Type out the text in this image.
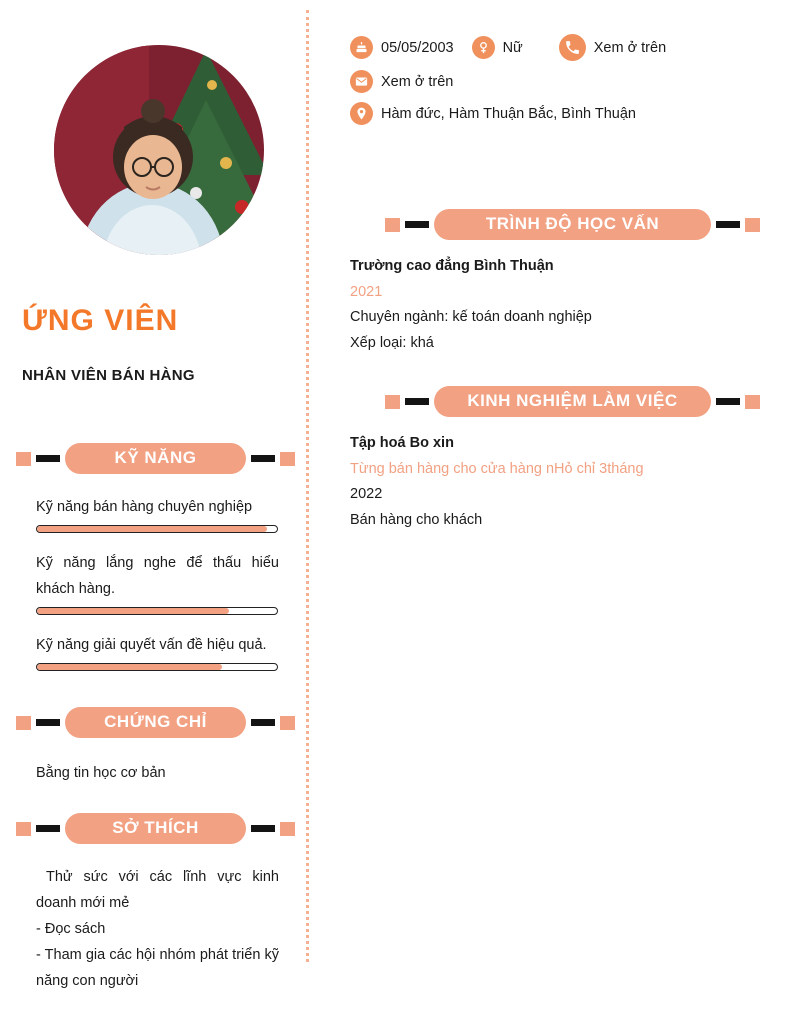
ỨNG VIÊN
NHÂN VIÊN BÁN HÀNG
KỸ NĂNG

Kỹ năng bán hàng chuyên nghiệp

Kỹ năng lắng nghe để thấu hiểu khách hàng.

Kỹ năng giải quyết vấn đề hiệu quả.

CHỨNG CHỈ

Bằng tin học cơ bản

SỞ THÍCH

Thử sức với các lĩnh vực kinh doanh mới mẻ

- Đọc sách

- Tham gia các hội nhóm phát triển kỹ năng con người

05/05/2003	Nữ	Xem ở trên
Xem ở trên
Hàm đức, Hàm Thuận Bắc, Bình Thuận
TRÌNH ĐỘ HỌC VẤN

Trường cao đẳng Bình Thuận

2021

Chuyên ngành: kế toán doanh nghiệp

Xếp loại: khá

KINH NGHIỆM LÀM VIỆC

Tập hoá Bo xin

Từng bán hàng cho cửa hàng nHỏ chỉ 3tháng

2022

Bán hàng cho khách
